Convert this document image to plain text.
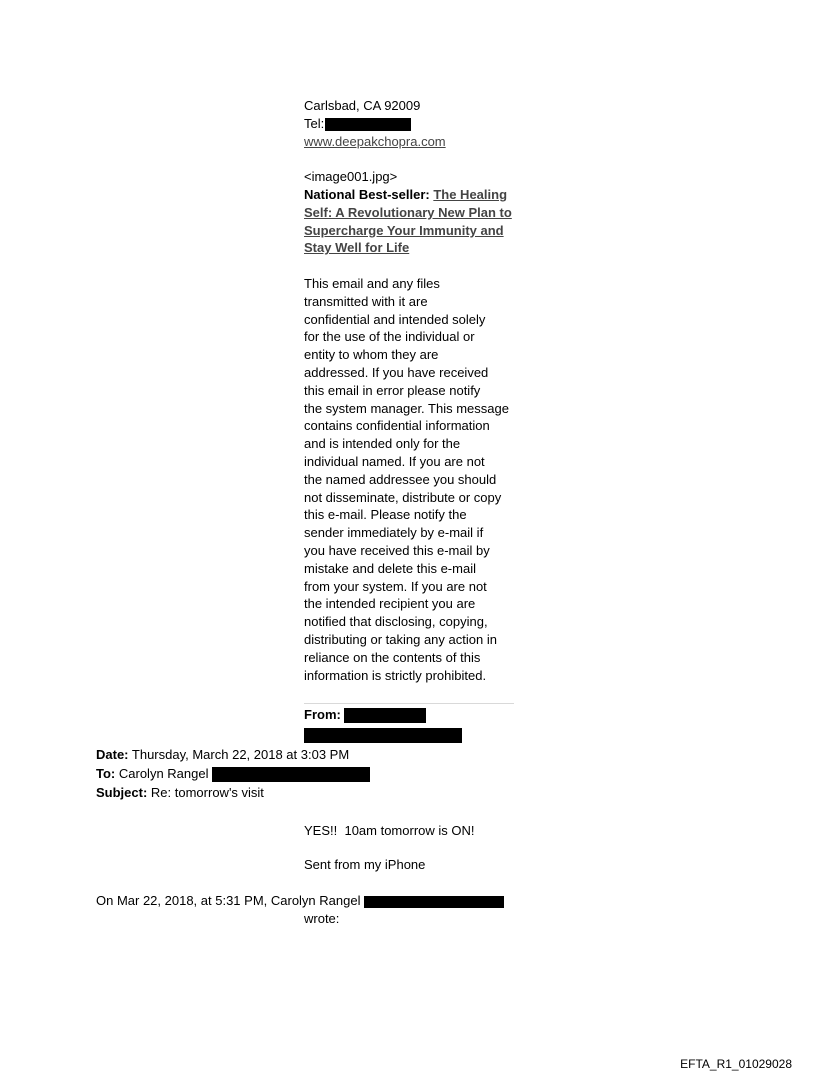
Carlsbad, CA 92009
Tel:
www.deepakchopra.com
<image001.jpg>
National Best-seller: The Healing
Self: A Revolutionary New Plan to
Supercharge Your Immunity and
Stay Well for Life
This email and any files
transmitted with it are
confidential and intended solely
for the use of the individual or
entity to whom they are
addressed. If you have received
this email in error please notify
the system manager. This message
contains confidential information
and is intended only for the
individual named. If you are not
the named addressee you should
not disseminate, distribute or copy
this e-mail. Please notify the
sender immediately by e-mail if
you have received this e-mail by
mistake and delete this e-mail
from your system. If you are not
the intended recipient you are
notified that disclosing, copying,
distributing or taking any action in
reliance on the contents of this
information is strictly prohibited.
From:
Date: Thursday, March 22, 2018 at 3:03 PM
To: Carolyn Rangel
Subject: Re: tomorrow's visit
YES!!  10am tomorrow is ON!
Sent from my iPhone
On Mar 22, 2018, at 5:31 PM, Carolyn Rangel
wrote:
EFTA_R1_01029028
